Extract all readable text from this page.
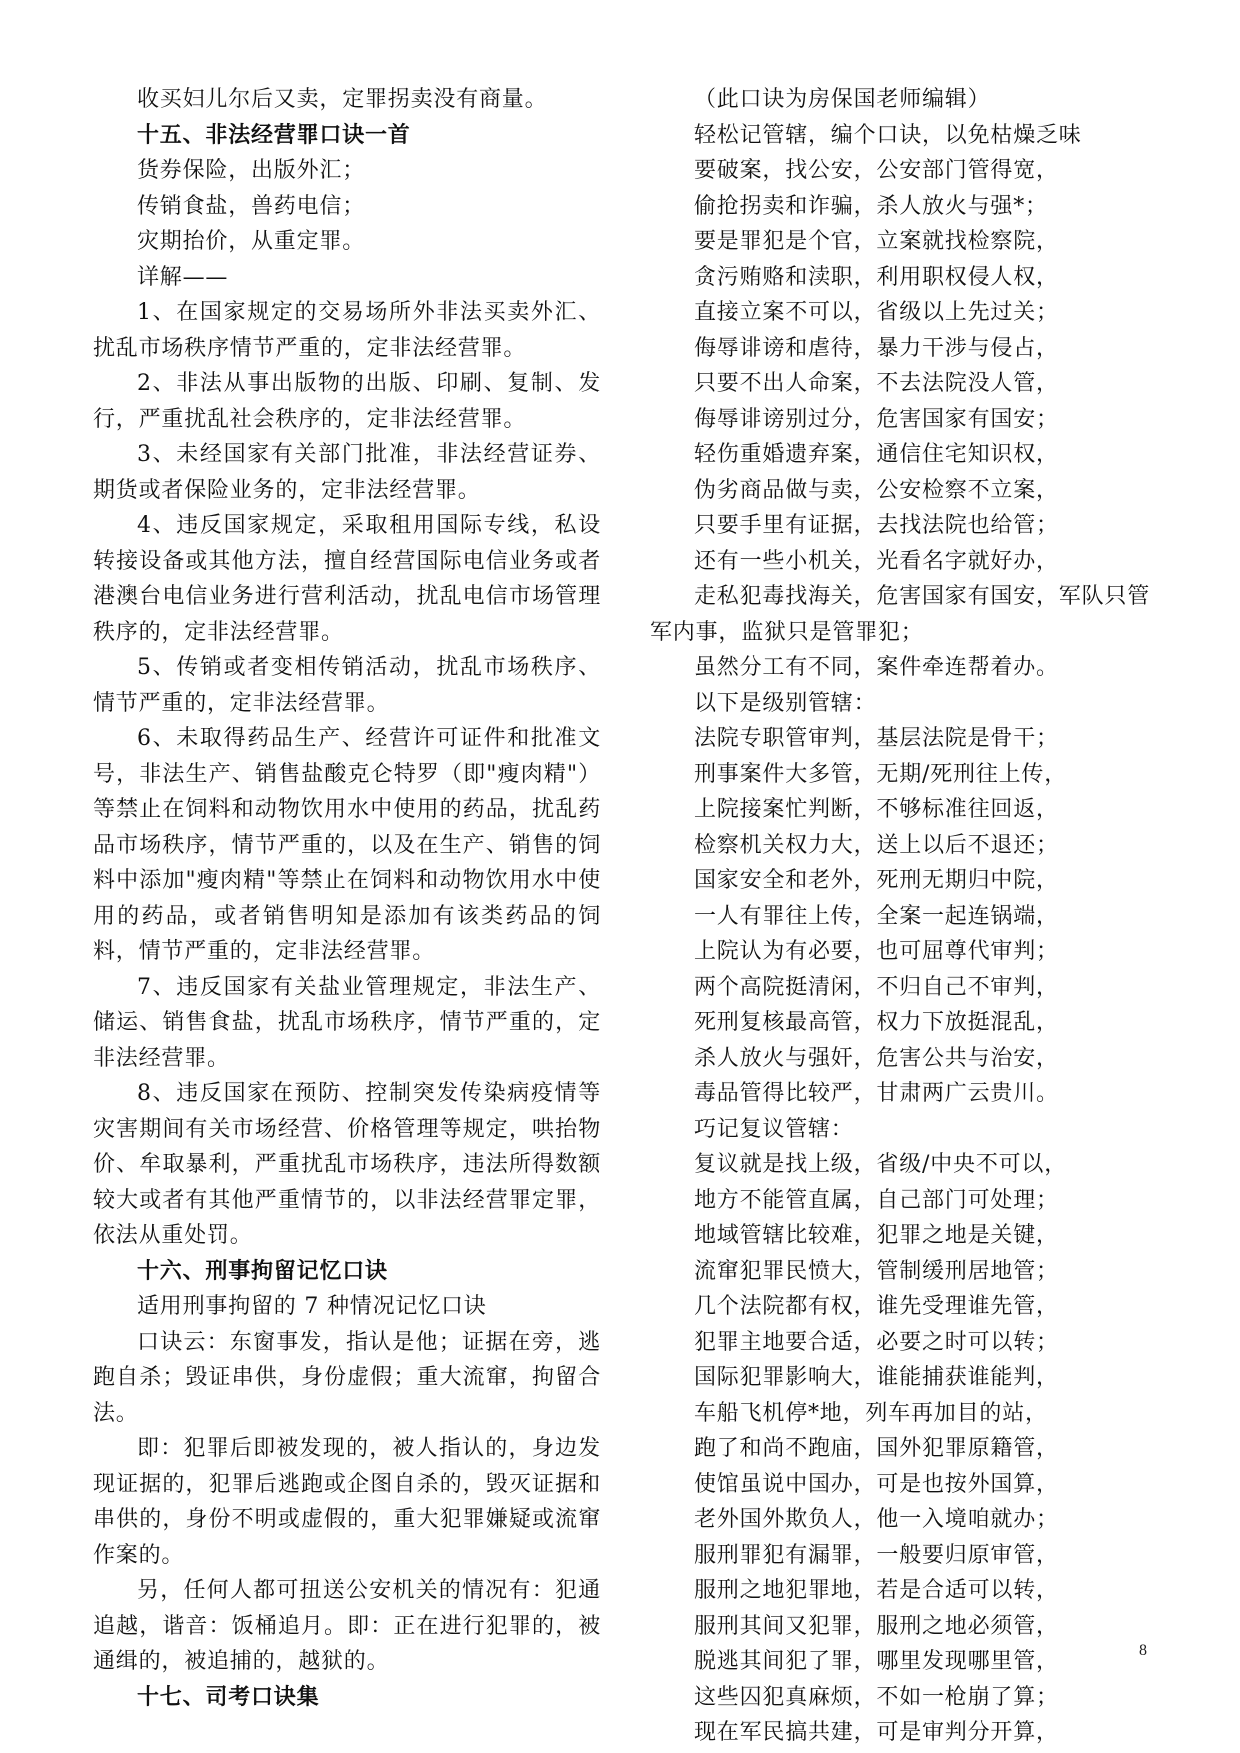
收买妇儿尔后又卖，定罪拐卖没有商量。
十五、非法经营罪口诀一首
货券保险，出版外汇；
传销食盐，兽药电信；
灾期抬价，从重定罪。
详解——
1、在国家规定的交易场所外非法买卖外汇、扰乱市场秩序情节严重的，定非法经营罪。
2、非法从事出版物的出版、印刷、复制、发行，严重扰乱社会秩序的，定非法经营罪。
3、未经国家有关部门批准，非法经营证券、期货或者保险业务的，定非法经营罪。
4、违反国家规定，采取租用国际专线，私设转接设备或其他方法，擅自经营国际电信业务或者港澳台电信业务进行营利活动，扰乱电信市场管理秩序的，定非法经营罪。
5、传销或者变相传销活动，扰乱市场秩序、情节严重的，定非法经营罪。
6、未取得药品生产、经营许可证件和批准文号，非法生产、销售盐酸克仑特罗（即"瘦肉精"）等禁止在饲料和动物饮用水中使用的药品，扰乱药品市场秩序，情节严重的，以及在生产、销售的饲料中添加"瘦肉精"等禁止在饲料和动物饮用水中使用的药品，或者销售明知是添加有该类药品的饲料，情节严重的，定非法经营罪。
7、违反国家有关盐业管理规定，非法生产、储运、销售食盐，扰乱市场秩序，情节严重的，定非法经营罪。
8、违反国家在预防、控制突发传染病疫情等灾害期间有关市场经营、价格管理等规定，哄抬物价、牟取暴利，严重扰乱市场秩序，违法所得数额较大或者有其他严重情节的，以非法经营罪定罪，依法从重处罚。
十六、刑事拘留记忆口诀
适用刑事拘留的 7 种情况记忆口诀
口诀云：东窗事发，指认是他；证据在旁，逃跑自杀；毁证串供，身份虚假；重大流窜，拘留合法。
即：犯罪后即被发现的，被人指认的，身边发现证据的，犯罪后逃跑或企图自杀的，毁灭证据和串供的，身份不明或虚假的，重大犯罪嫌疑或流窜作案的。
另，任何人都可扭送公安机关的情况有：犯通追越，谐音：饭桶追月。即：正在进行犯罪的，被通缉的，被追捕的，越狱的。
十七、司考口诀集
（此口诀为房保国老师编辑）
轻松记管辖，编个口诀，以免枯燥乏味
要破案，找公安，公安部门管得宽，
偷抢拐卖和诈骗，杀人放火与强*；
要是罪犯是个官，立案就找检察院，
贪污贿赂和渎职，利用职权侵人权，
直接立案不可以，省级以上先过关；
侮辱诽谤和虐待，暴力干涉与侵占，
只要不出人命案，不去法院没人管，
侮辱诽谤别过分，危害国家有国安；
轻伤重婚遗弃案，通信住宅知识权，
伪劣商品做与卖，公安检察不立案，
只要手里有证据，去找法院也给管；
还有一些小机关，光看名字就好办，
走私犯毒找海关，危害国家有国安，军队只管军内事，监狱只是管罪犯；
虽然分工有不同，案件牵连帮着办。
以下是级别管辖：
法院专职管审判，基层法院是骨干；
刑事案件大多管，无期/死刑往上传，
上院接案忙判断，不够标准往回返，
检察机关权力大，送上以后不退还；
国家安全和老外，死刑无期归中院，
一人有罪往上传，全案一起连锅端，
上院认为有必要，也可屈尊代审判；
两个高院挺清闲，不归自己不审判，
死刑复核最高管，权力下放挺混乱，
杀人放火与强奸，危害公共与治安，
毒品管得比较严，甘肃两广云贵川。
巧记复议管辖：
复议就是找上级，省级/中央不可以，
地方不能管直属，自己部门可处理；
地域管辖比较难，犯罪之地是关键，
流窜犯罪民愤大，管制缓刑居地管；
几个法院都有权，谁先受理谁先管，
犯罪主地要合适，必要之时可以转；
国际犯罪影响大，谁能捕获谁能判，
车船飞机停*地，列车再加目的站，
跑了和尚不跑庙，国外犯罪原籍管，
使馆虽说中国办，可是也按外国算，
老外国外欺负人，他一入境咱就办；
服刑罪犯有漏罪，一般要归原审管，
服刑之地犯罪地，若是合适可以转，
服刑其间又犯罪，服刑之地必须管，
脱逃其间犯了罪，哪里发现哪里管，
这些囚犯真麻烦，不如一枪崩了算；
现在军民搞共建，可是审判分开算，
8
